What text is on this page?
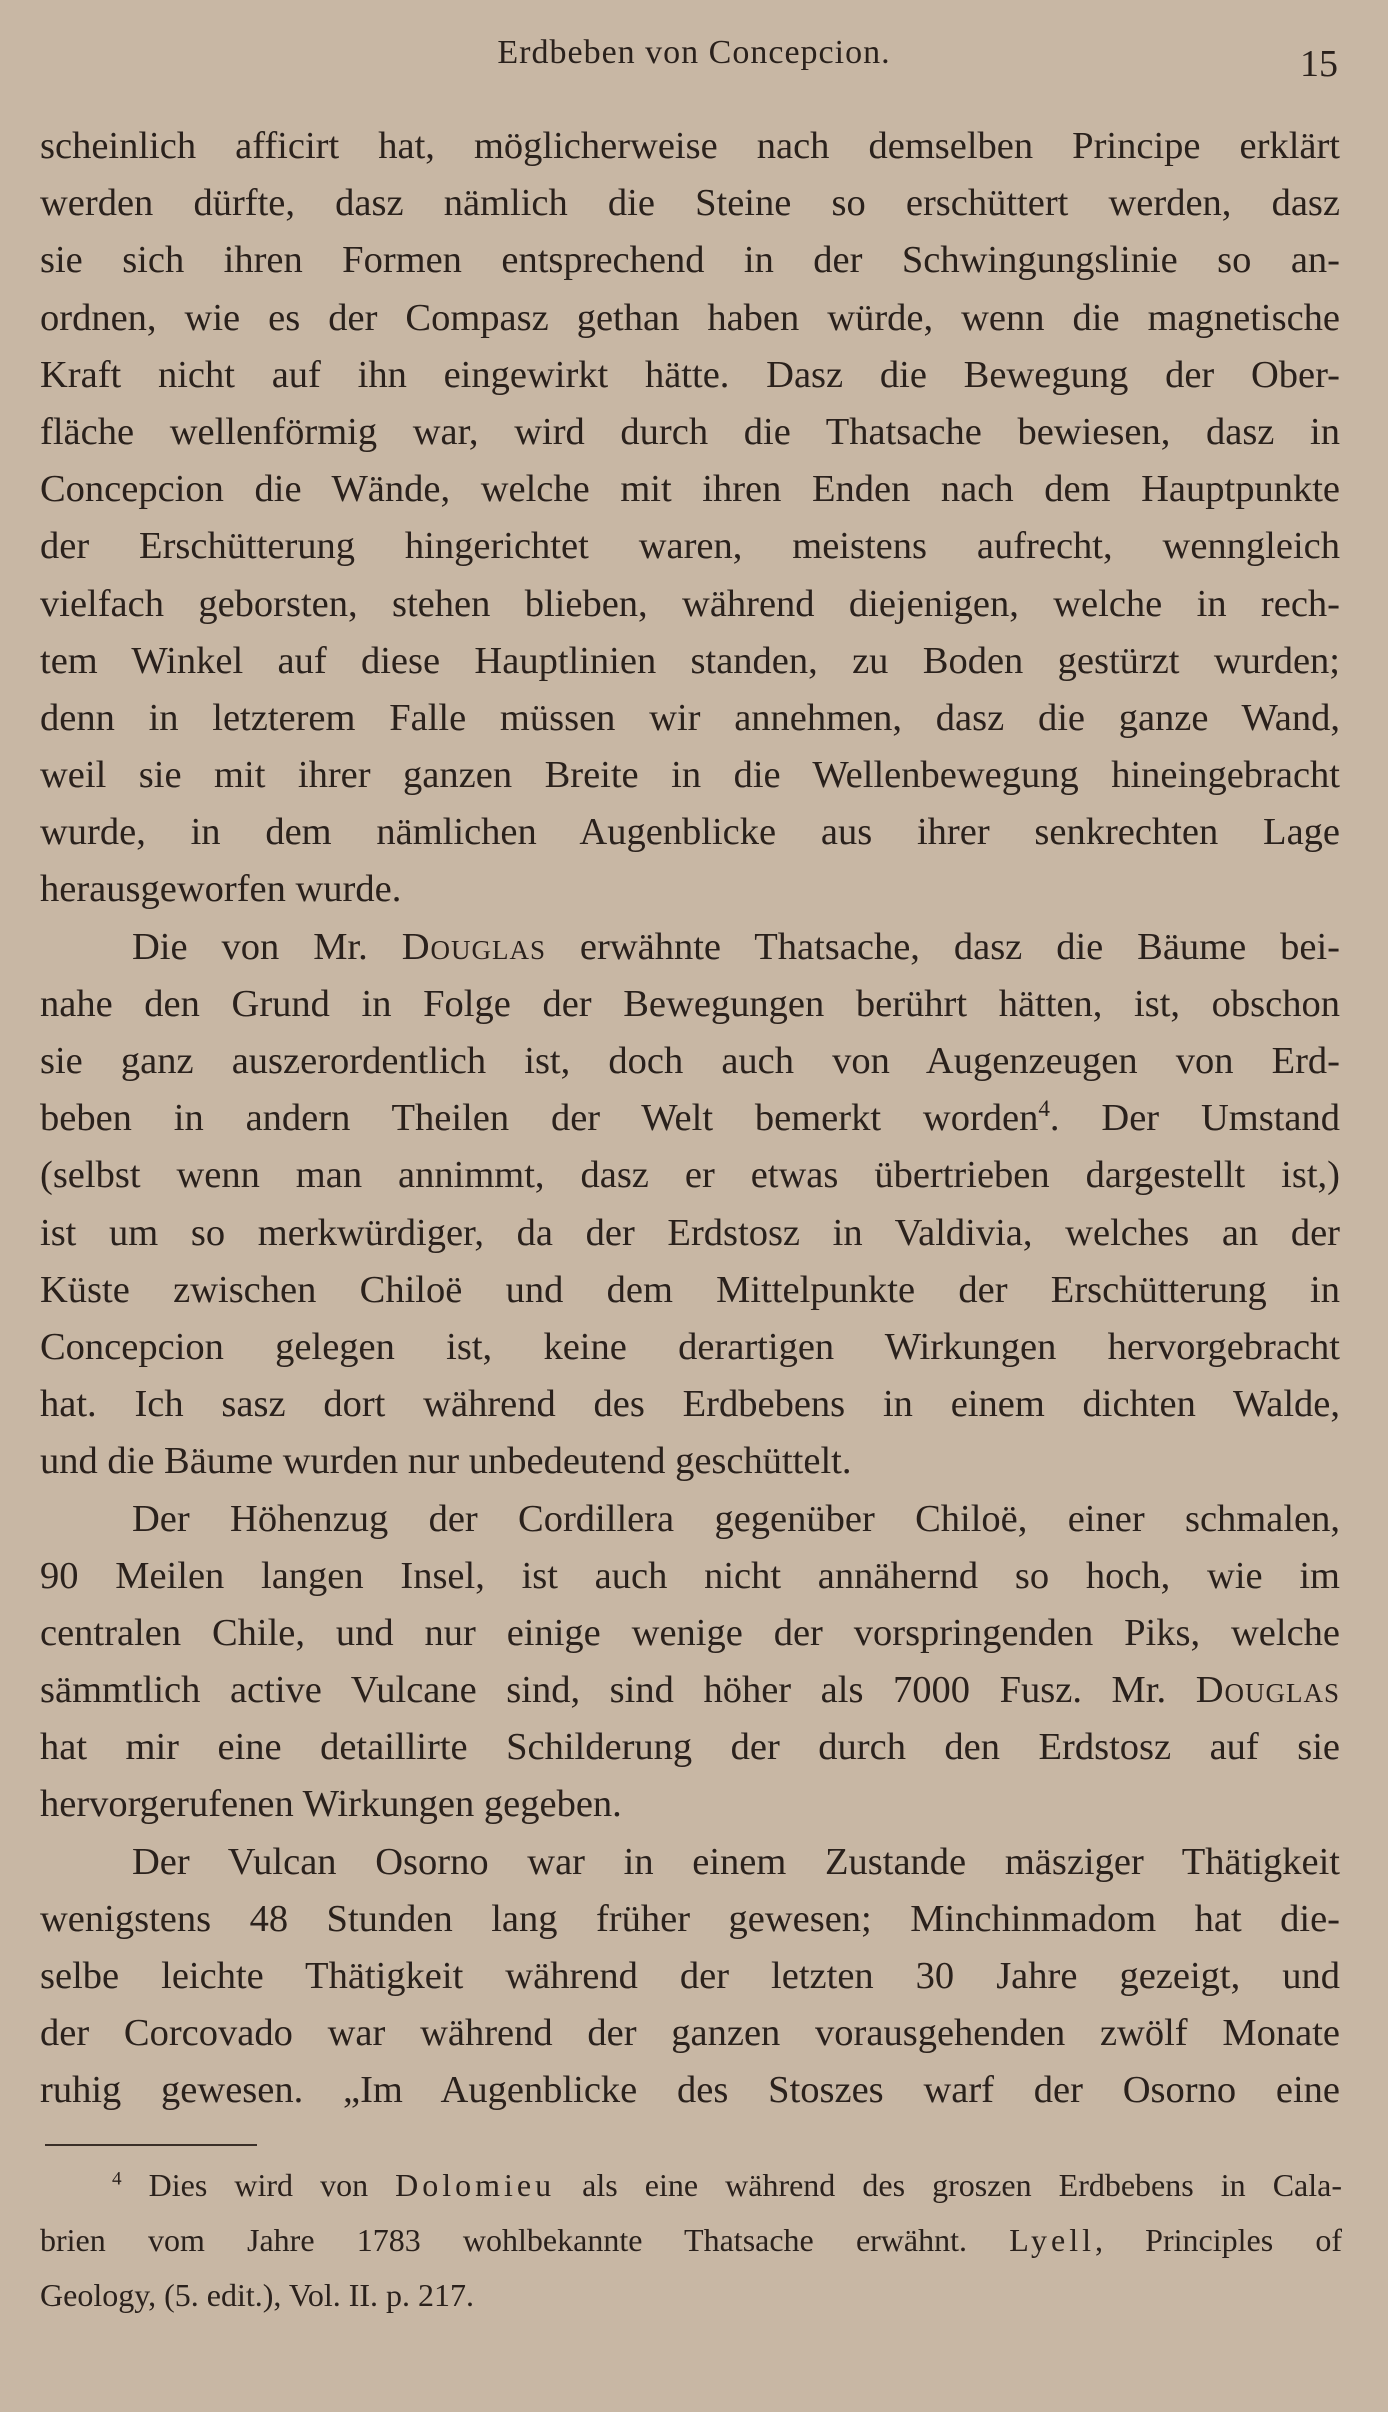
Erdbeben von Concepcion.	15
scheinlich afficirt hat, möglicherweise nach demselben Principe erklärt
werden dürfte, dasz nämlich die Steine so erschüttert werden, dasz
sie sich ihren Formen entsprechend in der Schwingungslinie so an-
ordnen, wie es der Compasz gethan haben würde, wenn die magnetische
Kraft nicht auf ihn eingewirkt hätte. Dasz die Bewegung der Ober-
fläche wellenförmig war, wird durch die Thatsache bewiesen, dasz in
Concepcion die Wände, welche mit ihren Enden nach dem Hauptpunkte
der Erschütterung hingerichtet waren, meistens aufrecht, wenngleich
vielfach geborsten, stehen blieben, während diejenigen, welche in rech-
tem Winkel auf diese Hauptlinien standen, zu Boden gestürzt wurden;
denn in letzterem Falle müssen wir annehmen, dasz die ganze Wand,
weil sie mit ihrer ganzen Breite in die Wellenbewegung hineingebracht
wurde, in dem nämlichen Augenblicke aus ihrer senkrechten Lage
herausgeworfen wurde.
Die von Mr. Douglas erwähnte Thatsache, dasz die Bäume bei-
nahe den Grund in Folge der Bewegungen berührt hätten, ist, obschon
sie ganz auszerordentlich ist, doch auch von Augenzeugen von Erd-
beben in andern Theilen der Welt bemerkt worden$^4$. Der Umstand
(selbst wenn man annimmt, dasz er etwas übertrieben dargestellt ist,)
ist um so merkwürdiger, da der Erdstosz in Valdivia, welches an der
Küste zwischen Chiloë und dem Mittelpunkte der Erschütterung in
Concepcion gelegen ist, keine derartigen Wirkungen hervorgebracht
hat. Ich sasz dort während des Erdbebens in einem dichten Walde,
und die Bäume wurden nur unbedeutend geschüttelt.
Der Höhenzug der Cordillera gegenüber Chiloë, einer schmalen,
90 Meilen langen Insel, ist auch nicht annähernd so hoch, wie im
centralen Chile, und nur einige wenige der vorspringenden Piks, welche
sämmtlich active Vulcane sind, sind höher als 7000 Fusz. Mr. Douglas
hat mir eine detaillirte Schilderung der durch den Erdstosz auf sie
hervorgerufenen Wirkungen gegeben.
Der Vulcan Osorno war in einem Zustande mäsziger Thätigkeit
wenigstens 48 Stunden lang früher gewesen; Minchinmadom hat die-
selbe leichte Thätigkeit während der letzten 30 Jahre gezeigt, und
der Corcovado war während der ganzen vorausgehenden zwölf Monate
ruhig gewesen. „Im Augenblicke des Stoszes warf der Osorno eine
$^4$ Dies wird von Dolomieu als eine während des groszen Erdbebens in Cala-
brien vom Jahre 1783 wohlbekannte Thatsache erwähnt. Lyell, Principles of
Geology, (5. edit.), Vol. II. p. 217.
